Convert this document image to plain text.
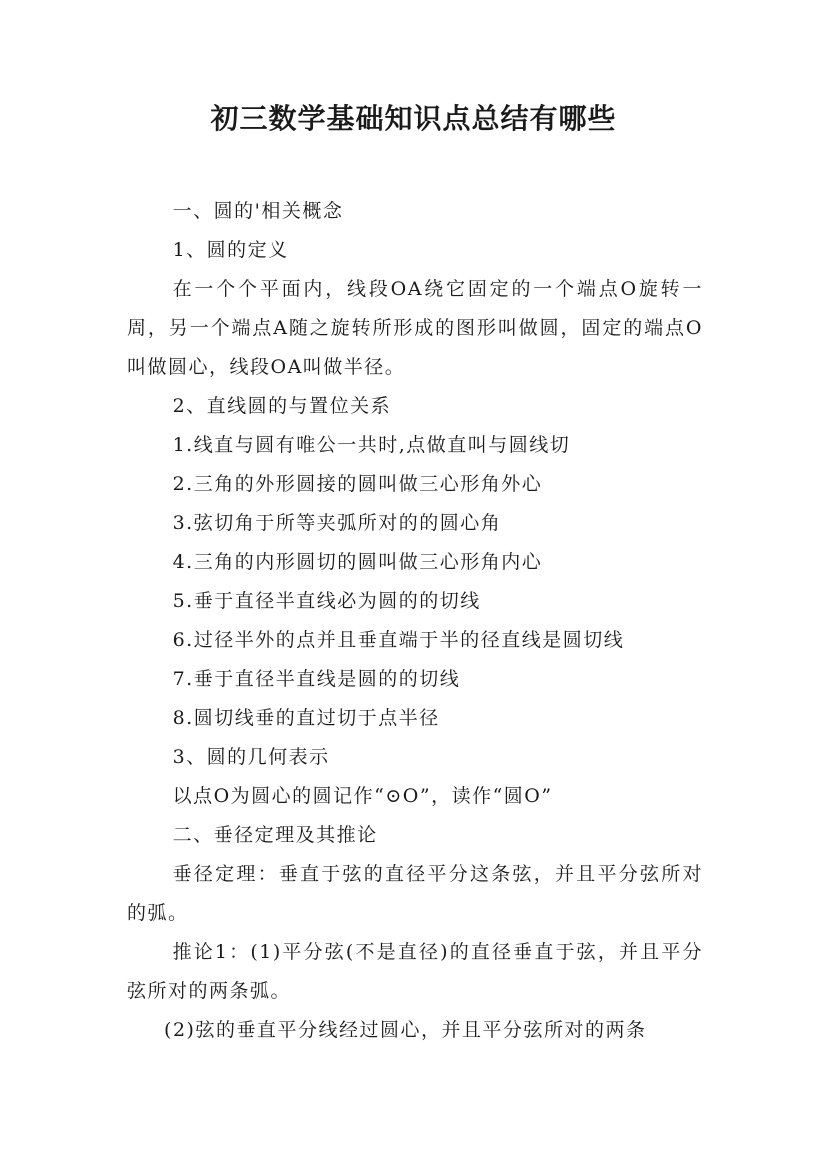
初三数学基础知识点总结有哪些

一、圆的'相关概念

1、圆的定义

在一个个平面内，线段OA绕它固定的一个端点O旋转一周，另一个端点A随之旋转所形成的图形叫做圆，固定的端点O叫做圆心，线段OA叫做半径。

2、直线圆的与置位关系

1.线直与圆有唯公一共时,点做直叫与圆线切

2.三角的外形圆接的圆叫做三心形角外心

3.弦切角于所等夹弧所对的的圆心角

4.三角的内形圆切的圆叫做三心形角内心

5.垂于直径半直线必为圆的的切线

6.过径半外的点并且垂直端于半的径直线是圆切线

7.垂于直径半直线是圆的的切线

8.圆切线垂的直过切于点半径

3、圆的几何表示

以点O为圆心的圆记作“⊙O”，读作“圆O”

二、垂径定理及其推论

垂径定理：垂直于弦的直径平分这条弦，并且平分弦所对的弧。

推论1：(1)平分弦(不是直径)的直径垂直于弦，并且平分弦所对的两条弧。

(2)弦的垂直平分线经过圆心，并且平分弦所对的两条
